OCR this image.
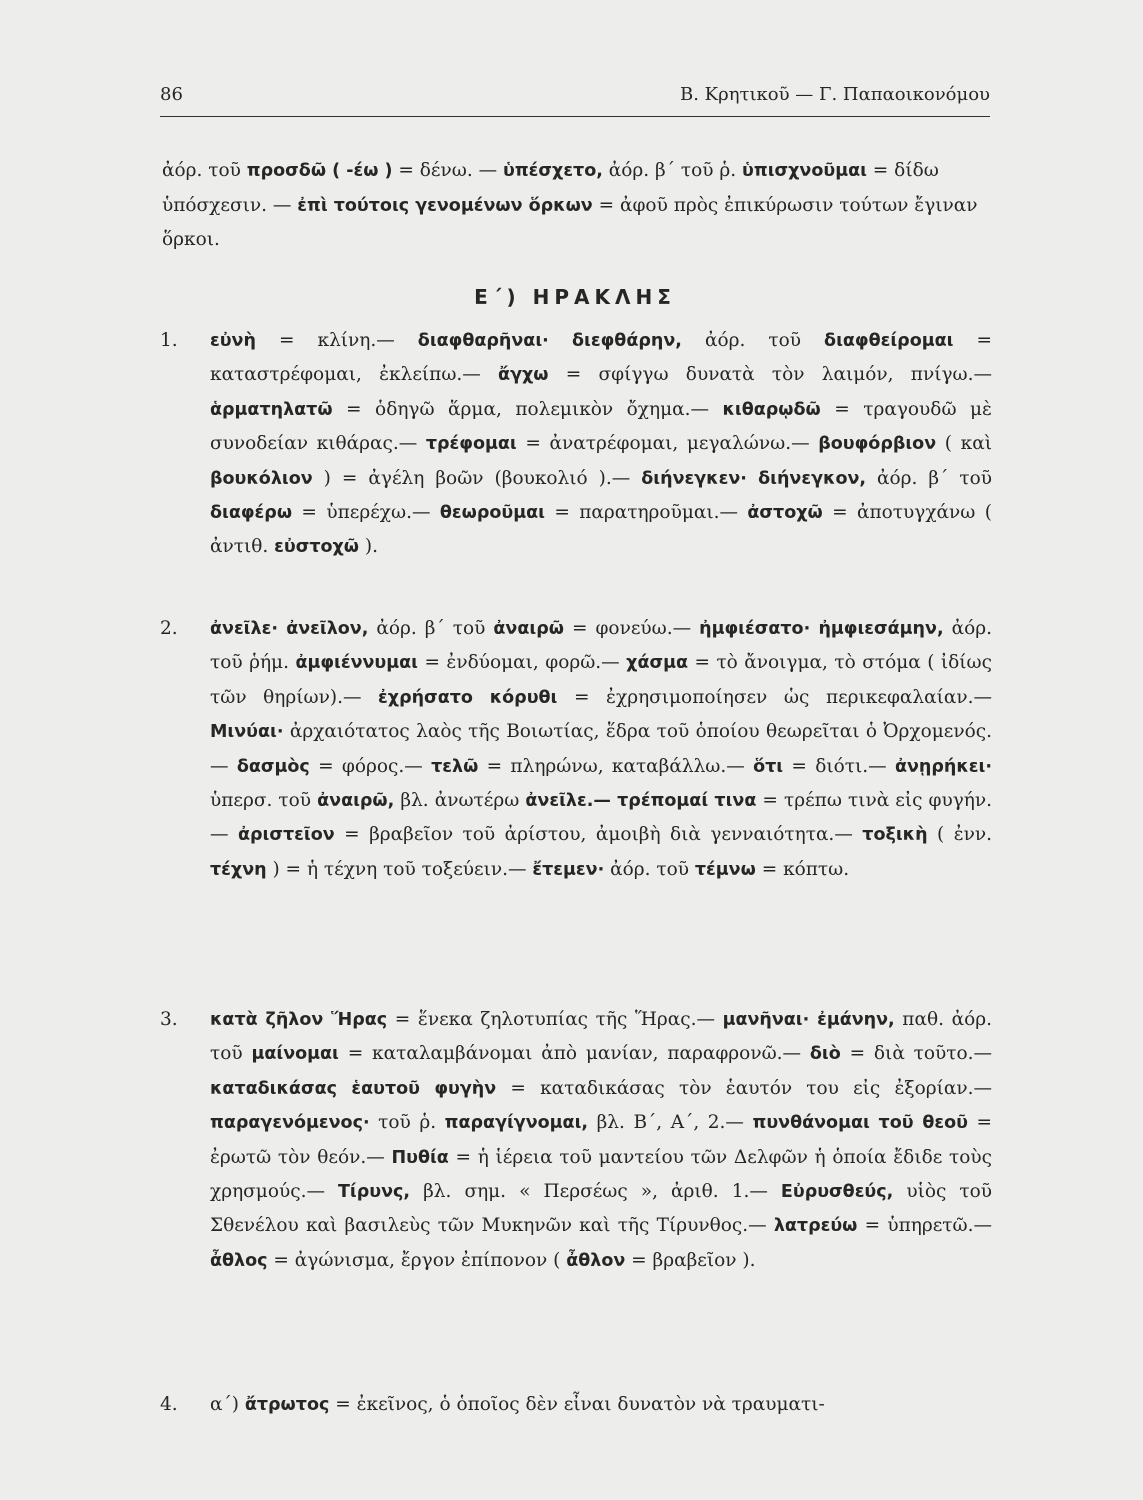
86	Β. Κρητικοῦ — Γ. Παπαοικονόμου
ἀόρ. τοῦ προσδῶ ( -έω ) = δένω. — ὑπέσχετο, ἀόρ. β΄ τοῦ ῥ. ὑπισχνοῦμαι = δίδω ὑπόσχεσιν. — ἐπὶ τούτοις γενομένων ὅρκων = ἀφοῦ πρὸς ἐπικύρωσιν τούτων ἔγιναν ὅρκοι.
Ε΄) ΗΡΑΚΛΗΣ
1. εὐνὴ = κλίνη.— διαφθαρῆναι· διεφθάρην, ἀόρ. τοῦ διαφθείρομαι = καταστρέφομαι, ἐκλείπω.— ἄγχω = σφίγγω δυνατὰ τὸν λαιμόν, πνίγω.— ἁρματηλατῶ = ὁδηγῶ ἅρμα, πολεμικὸν ὄχημα.— κιθαρῳδῶ = τραγουδῶ μὲ συνοδείαν κιθάρας.— τρέφομαι = ἀνατρέφομαι, μεγαλώνω.— βουφόρβιον ( καὶ βουκόλιον ) = ἀγέλη βοῶν (βουκολιό ).— διήνεγκεν· διήνεγκον, ἀόρ. β΄ τοῦ διαφέρω = ὑπερέχω.— θεωροῦμαι = παρατηροῦμαι.— ἀστοχῶ = ἀποτυγχάνω ( ἀντιθ. εὐστοχῶ ).
2. ἀνεῖλε· ἀνεῖλον, ἀόρ. β΄ τοῦ ἀναιρῶ = φονεύω.— ἠμφιέσατο· ἠμφιεσάμην, ἀόρ. τοῦ ῥήμ. ἀμφιέννυμαι = ἐνδύομαι, φορῶ.— χάσμα = τὸ ἄνοιγμα, τὸ στόμα ( ἰδίως τῶν θηρίων).— ἐχρήσατο κόρυθι = ἐχρησιμοποίησεν ὡς περικεφαλαίαν.— Μινύαι· ἀρχαιότατος λαὸς τῆς Βοιωτίας, ἕδρα τοῦ ὁποίου θεωρεῖται ὁ Ὀρχομενός.— δασμὸς = φόρος.— τελῶ = πληρώνω, καταβάλλω.— ὅτι = διότι.— ἀνῃρήκει· ὑπερσ. τοῦ ἀναιρῶ, βλ. ἀνωτέρω ἀνεῖλε.— τρέπομαί τινα = τρέπω τινὰ εἰς φυγήν.— ἀριστεῖον = βραβεῖον τοῦ ἀρίστου, ἀμοιβὴ διὰ γενναιότητα.— τοξικὴ ( ἐνν. τέχνη ) = ἡ τέχνη τοῦ τοξεύειν.— ἔτεμεν· ἀόρ. τοῦ τέμνω = κόπτω.
3. κατὰ ζῆλον Ἥρας = ἕνεκα ζηλοτυπίας τῆς Ἥρας.— μανῆναι· ἐμάνην, παθ. ἀόρ. τοῦ μαίνομαι = καταλαμβάνομαι ἀπὸ μανίαν, παραφρονῶ.— διὸ = διὰ τοῦτο.— καταδικάσας ἑαυτοῦ φυγὴν = καταδικάσας τὸν ἑαυτόν του εἰς ἐξορίαν.— παραγενόμενος· τοῦ ῥ. παραγίγνομαι, βλ. Β΄, Α΄, 2.— πυνθάνομαι τοῦ θεοῦ = ἐρωτῶ τὸν θεόν.— Πυθία = ἡ ἱέρεια τοῦ μαντείου τῶν Δελφῶν ἡ ὁποία ἔδιδε τοὺς χρησμούς.— Τίρυνς, βλ. σημ. « Περσέως », ἀριθ. 1.— Εὐρυσθεύς, υἱὸς τοῦ Σθενέλου καὶ βασιλεὺς τῶν Μυκηνῶν καὶ τῆς Τίρυνθος.— λατρεύω = ὑπηρετῶ.— ἆθλος = ἀγώνισμα, ἔργον ἐπίπονον ( ἆθλον = βραβεῖον ).
4. α΄) ἄτρωτος = ἐκεῖνος, ὁ ὁποῖος δὲν εἶναι δυνατὸν νὰ τραυματι-
